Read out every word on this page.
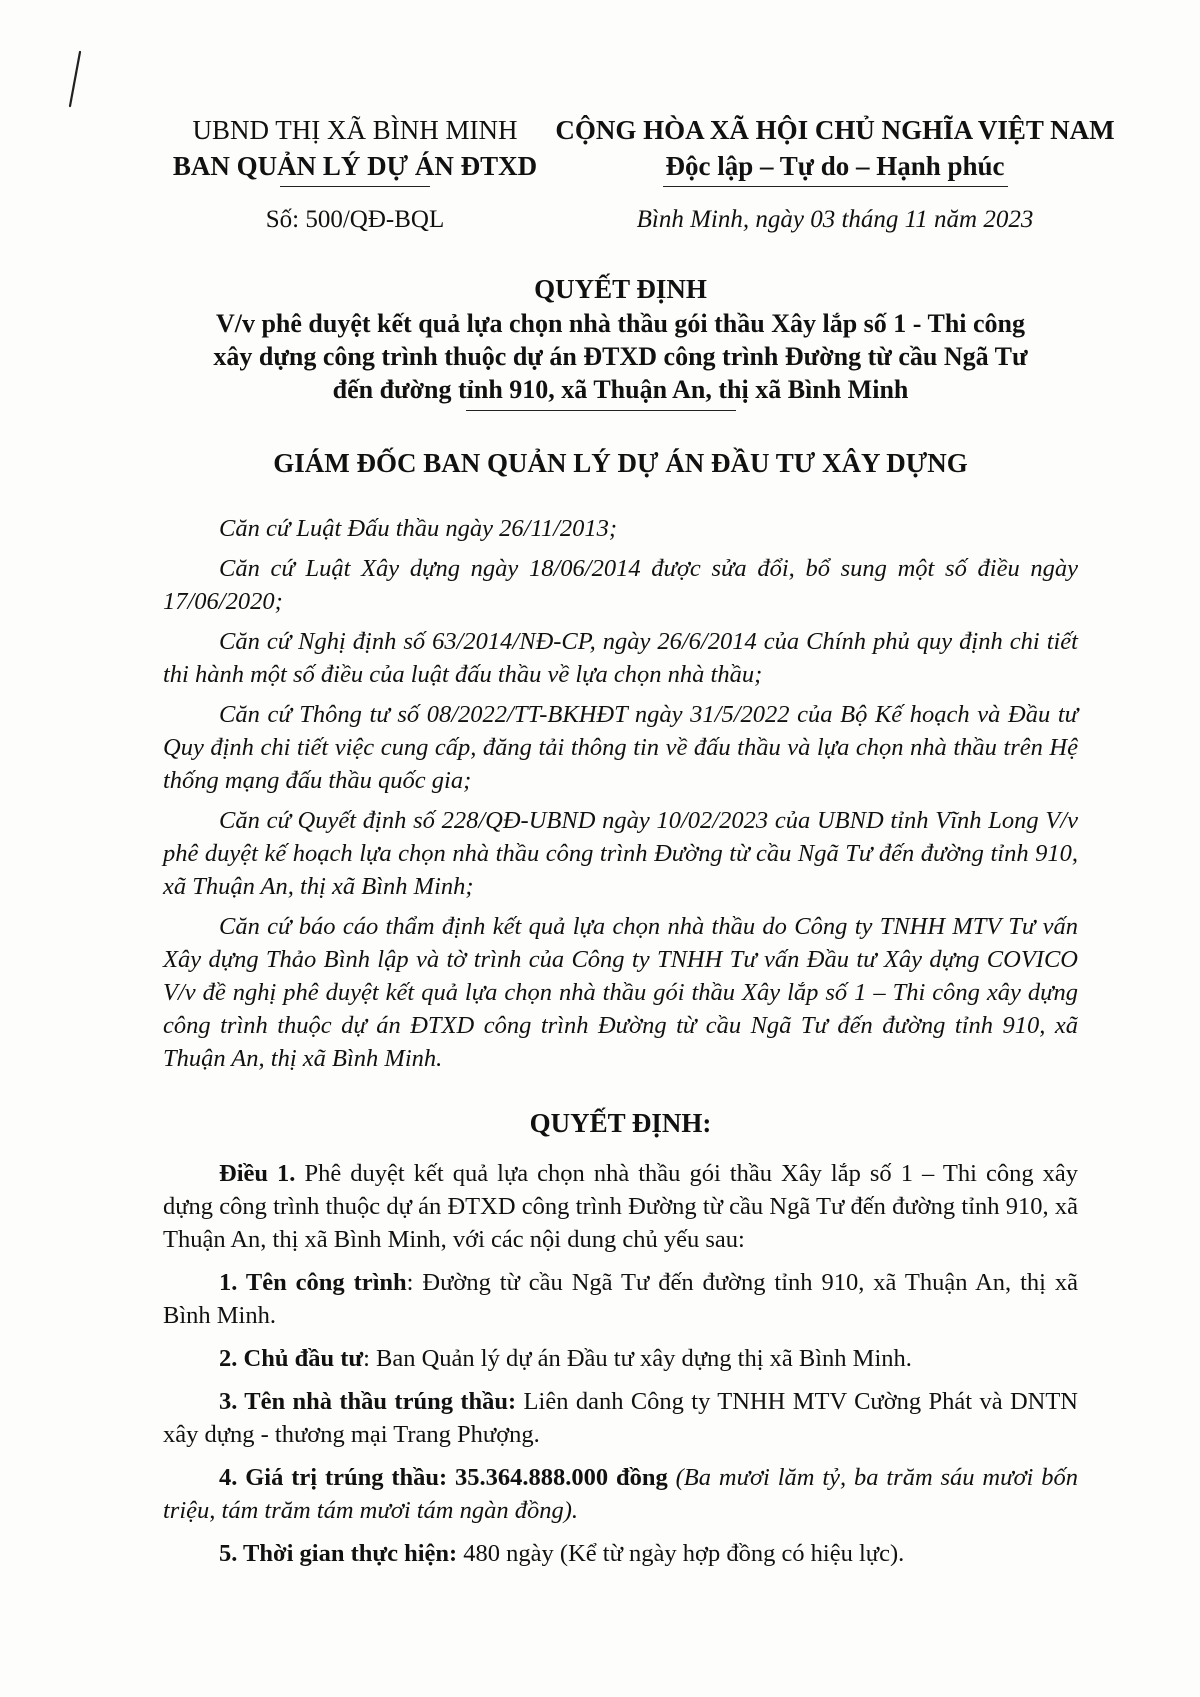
UBND THỊ XÃ BÌNH MINH
BAN QUẢN LÝ DỰ ÁN ĐTXD
CỘNG HÒA XÃ HỘI CHỦ NGHĨA VIỆT NAM
Độc lập – Tự do – Hạnh phúc
Số: 500/QĐ-BQL	Bình Minh, ngày 03 tháng 11 năm 2023
QUYẾT ĐỊNH
V/v phê duyệt kết quả lựa chọn nhà thầu gói thầu Xây lắp số 1 - Thi công
xây dựng công trình thuộc dự án ĐTXD công trình Đường từ cầu Ngã Tư
đến đường tỉnh 910, xã Thuận An, thị xã Bình Minh
GIÁM ĐỐC BAN QUẢN LÝ DỰ ÁN ĐẦU TƯ XÂY DỰNG

Căn cứ Luật Đấu thầu ngày 26/11/2013;

Căn cứ Luật Xây dựng ngày 18/06/2014 được sửa đổi, bổ sung một số điều ngày 17/06/2020;

Căn cứ Nghị định số 63/2014/NĐ-CP, ngày 26/6/2014 của Chính phủ quy định chi tiết thi hành một số điều của luật đấu thầu về lựa chọn nhà thầu;

Căn cứ Thông tư số 08/2022/TT-BKHĐT ngày 31/5/2022 của Bộ Kế hoạch và Đầu tư Quy định chi tiết việc cung cấp, đăng tải thông tin về đấu thầu và lựa chọn nhà thầu trên Hệ thống mạng đấu thầu quốc gia;

Căn cứ Quyết định số 228/QĐ-UBND ngày 10/02/2023 của UBND tỉnh Vĩnh Long V/v phê duyệt kế hoạch lựa chọn nhà thầu công trình Đường từ cầu Ngã Tư đến đường tỉnh 910, xã Thuận An, thị xã Bình Minh;

Căn cứ báo cáo thẩm định kết quả lựa chọn nhà thầu do Công ty TNHH MTV Tư vấn Xây dựng Thảo Bình lập và tờ trình của Công ty TNHH Tư vấn Đầu tư Xây dựng COVICO V/v đề nghị phê duyệt kết quả lựa chọn nhà thầu gói thầu Xây lắp số 1 – Thi công xây dựng công trình thuộc dự án ĐTXD công trình Đường từ cầu Ngã Tư đến đường tỉnh 910, xã Thuận An, thị xã Bình Minh.

QUYẾT ĐỊNH:

Điều 1. Phê duyệt kết quả lựa chọn nhà thầu gói thầu Xây lắp số 1 – Thi công xây dựng công trình thuộc dự án ĐTXD công trình Đường từ cầu Ngã Tư đến đường tỉnh 910, xã Thuận An, thị xã Bình Minh, với các nội dung chủ yếu sau:

1. Tên công trình: Đường từ cầu Ngã Tư đến đường tỉnh 910, xã Thuận An, thị xã Bình Minh.

2. Chủ đầu tư: Ban Quản lý dự án Đầu tư xây dựng thị xã Bình Minh.

3. Tên nhà thầu trúng thầu: Liên danh Công ty TNHH MTV Cường Phát và DNTN xây dựng - thương mại Trang Phượng.

4. Giá trị trúng thầu: 35.364.888.000 đồng (Ba mươi lăm tỷ, ba trăm sáu mươi bốn triệu, tám trăm tám mươi tám ngàn đồng).

5. Thời gian thực hiện: 480 ngày (Kể từ ngày hợp đồng có hiệu lực).
